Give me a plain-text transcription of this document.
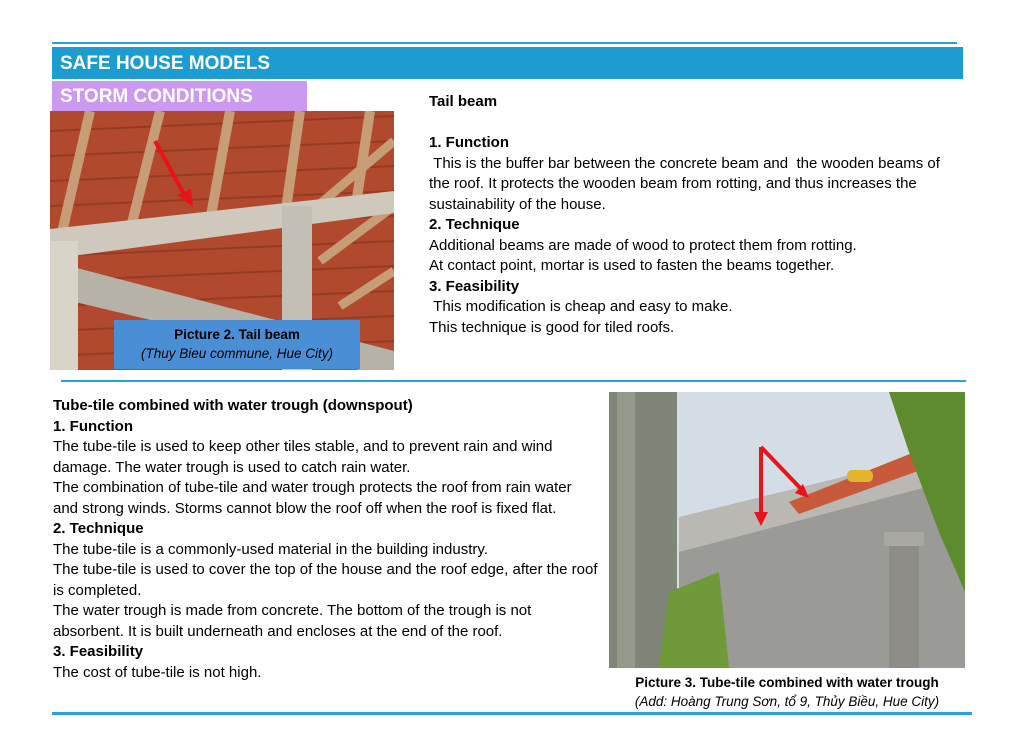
SAFE HOUSE MODELS
STORM CONDITIONS
Picture 2. Tail beam
(Thuy Bieu commune, Hue City)
Tail beam
1. Function
This is the buffer bar between the concrete beam and  the wooden beams of the roof. It protects the wooden beam from rotting, and thus increases the sustainability of the house.
2. Technique
Additional beams are made of wood to protect them from rotting.
At contact point, mortar is used to fasten the beams together.
3. Feasibility
This modification is cheap and easy to make.
This technique is good for tiled roofs.
Tube-tile combined with water trough (downspout)
1. Function
The tube-tile is used to keep other tiles stable, and to prevent rain and wind damage. The water trough is used to catch rain water.
The combination of tube-tile and water trough protects the roof from rain water and strong winds. Storms cannot blow the roof off when the roof is fixed flat.
2. Technique
The tube-tile is a commonly-used material in the building industry.
The tube-tile is used to cover the top of the house and the roof edge, after the roof is completed.
The water trough is made from concrete. The bottom of the trough is not absorbent. It is built underneath and encloses at the end of the roof.
3. Feasibility
The cost of tube-tile is not high.
Picture 3. Tube-tile combined with water trough
(Add: Hoàng Trung Sơn, tổ 9, Thủy Biều, Hue City)
